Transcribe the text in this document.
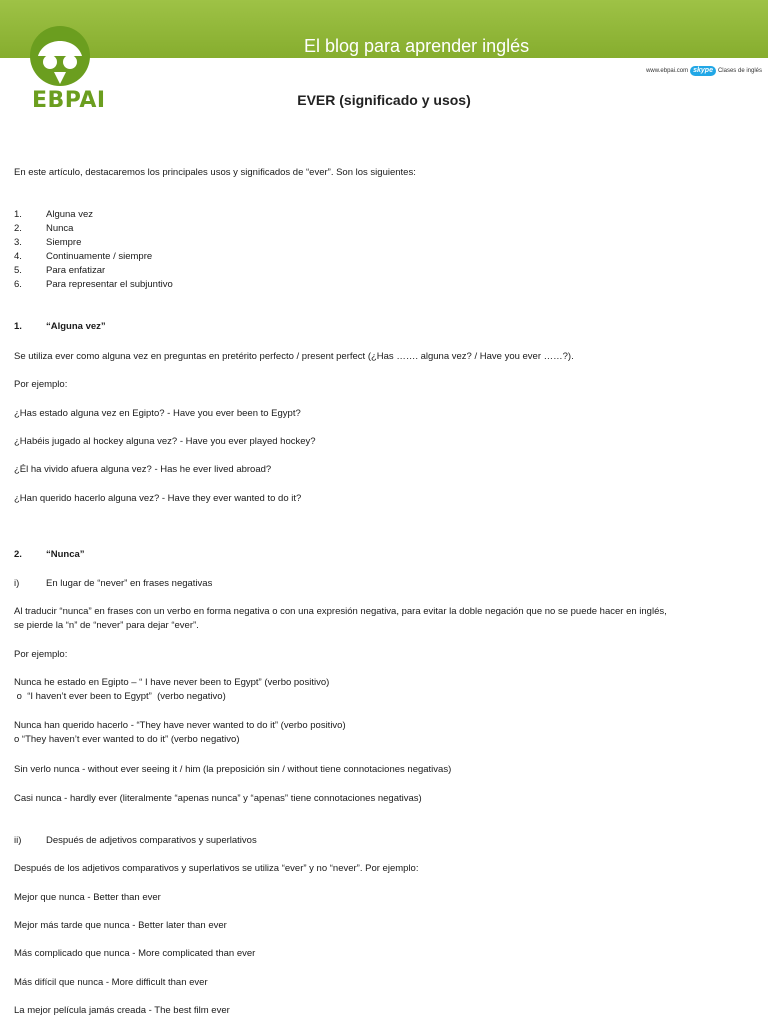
El blog para aprender inglés
EBPAI
www.ebpai.com skype Clases de inglés
EVER (significado y usos)
En este artículo, destacaremos los principales usos y significados de “ever”. Son los siguientes:
1.	Alguna vez
2.	Nunca
3.	Siempre
4.	Continuamente / siempre
5.	Para enfatizar
6.	Para representar el subjuntivo
1.	“Alguna vez”
Se utiliza ever como alguna vez en preguntas en pretérito perfecto / present perfect (¿Has ……. alguna vez? / Have you ever ……?).
Por ejemplo:
¿Has estado alguna vez en Egipto? - Have you ever been to Egypt?
¿Habéis jugado al hockey alguna vez? - Have you ever played hockey?
¿Él ha vivido afuera alguna vez? - Has he ever lived abroad?
¿Han querido hacerlo alguna vez? - Have they ever wanted to do it?
2.	“Nunca”
i)	En lugar de “never” en frases negativas
Al traducir “nunca” en frases con un verbo en forma negativa o con una expresión negativa, para evitar la doble negación que no se puede hacer en inglés,
se pierde la “n” de “never” para dejar “ever”.
Por ejemplo:
Nunca he estado en Egipto – “ I have never been to Egypt” (verbo positivo)
o  “I haven’t ever been to Egypt”  (verbo negativo)
Nunca han querido hacerlo - “They have never wanted to do it” (verbo positivo)
o “They haven’t ever wanted to do it” (verbo negativo)
Sin verlo nunca - without ever seeing it / him (la preposición sin / without tiene connotaciones negativas)
Casi nunca - hardly ever (literalmente “apenas nunca” y “apenas” tiene connotaciones negativas)
ii)	Después de adjetivos comparativos y superlativos
Después de los adjetivos comparativos y superlativos se utiliza “ever” y no “never”. Por ejemplo:
Mejor que nunca - Better than ever
Mejor más tarde que nunca - Better later than ever
Más complicado que nunca - More complicated than ever
Más difícil que nunca - More difficult than ever
La mejor película jamás creada - The best film ever
